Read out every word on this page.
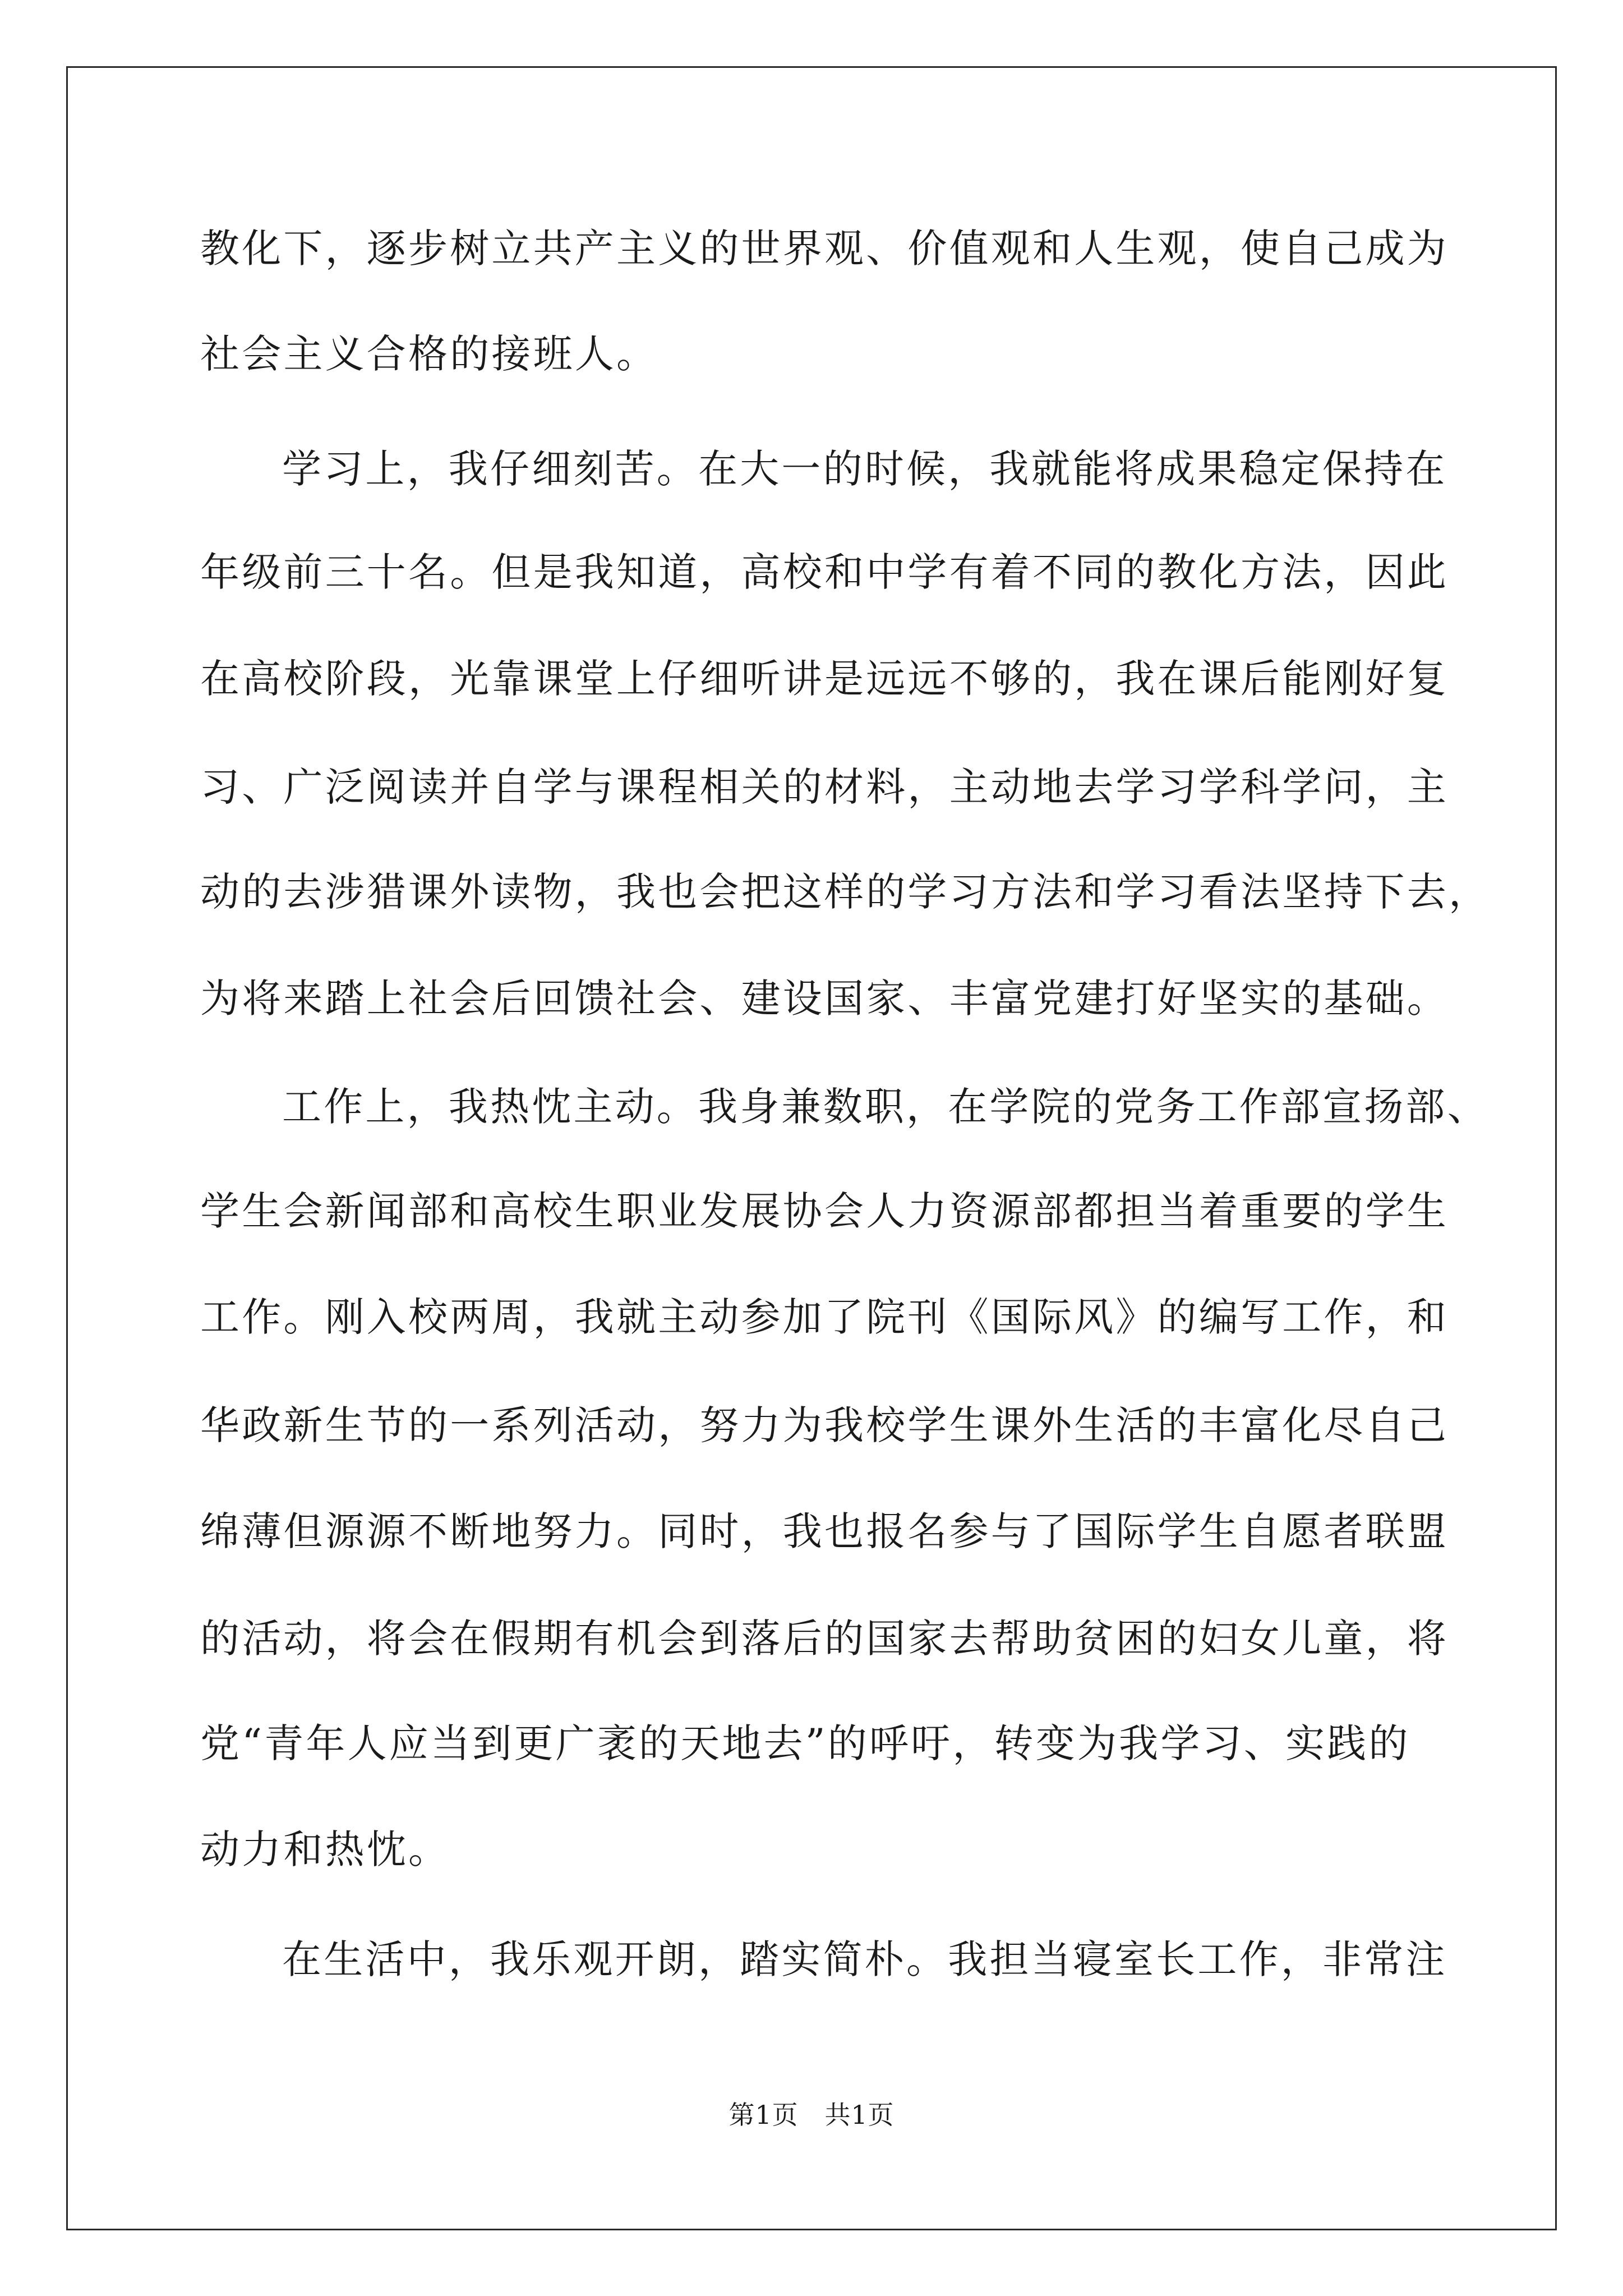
教化下，逐步树立共产主义的世界观、价值观和人生观，使自己成为
社会主义合格的接班人。
学习上，我仔细刻苦。在大一的时候，我就能将成果稳定保持在
年级前三十名。但是我知道，高校和中学有着不同的教化方法，因此
在高校阶段，光靠课堂上仔细听讲是远远不够的，我在课后能刚好复
习、广泛阅读并自学与课程相关的材料，主动地去学习学科学问，主
动的去涉猎课外读物，我也会把这样的学习方法和学习看法坚持下去，
为将来踏上社会后回馈社会、建设国家、丰富党建打好坚实的基础。
工作上，我热忱主动。我身兼数职，在学院的党务工作部宣扬部、
学生会新闻部和高校生职业发展协会人力资源部都担当着重要的学生
工作。刚入校两周，我就主动参加了院刊《国际风》的编写工作，和
华政新生节的一系列活动，努力为我校学生课外生活的丰富化尽自己
绵薄但源源不断地努力。同时，我也报名参与了国际学生自愿者联盟
的活动，将会在假期有机会到落后的国家去帮助贫困的妇女儿童，将
党“青年人应当到更广袤的天地去”的呼吁，转变为我学习、实践的
动力和热忱。
在生活中，我乐观开朗，踏实简朴。我担当寝室长工作，非常注
第1页　共1页
